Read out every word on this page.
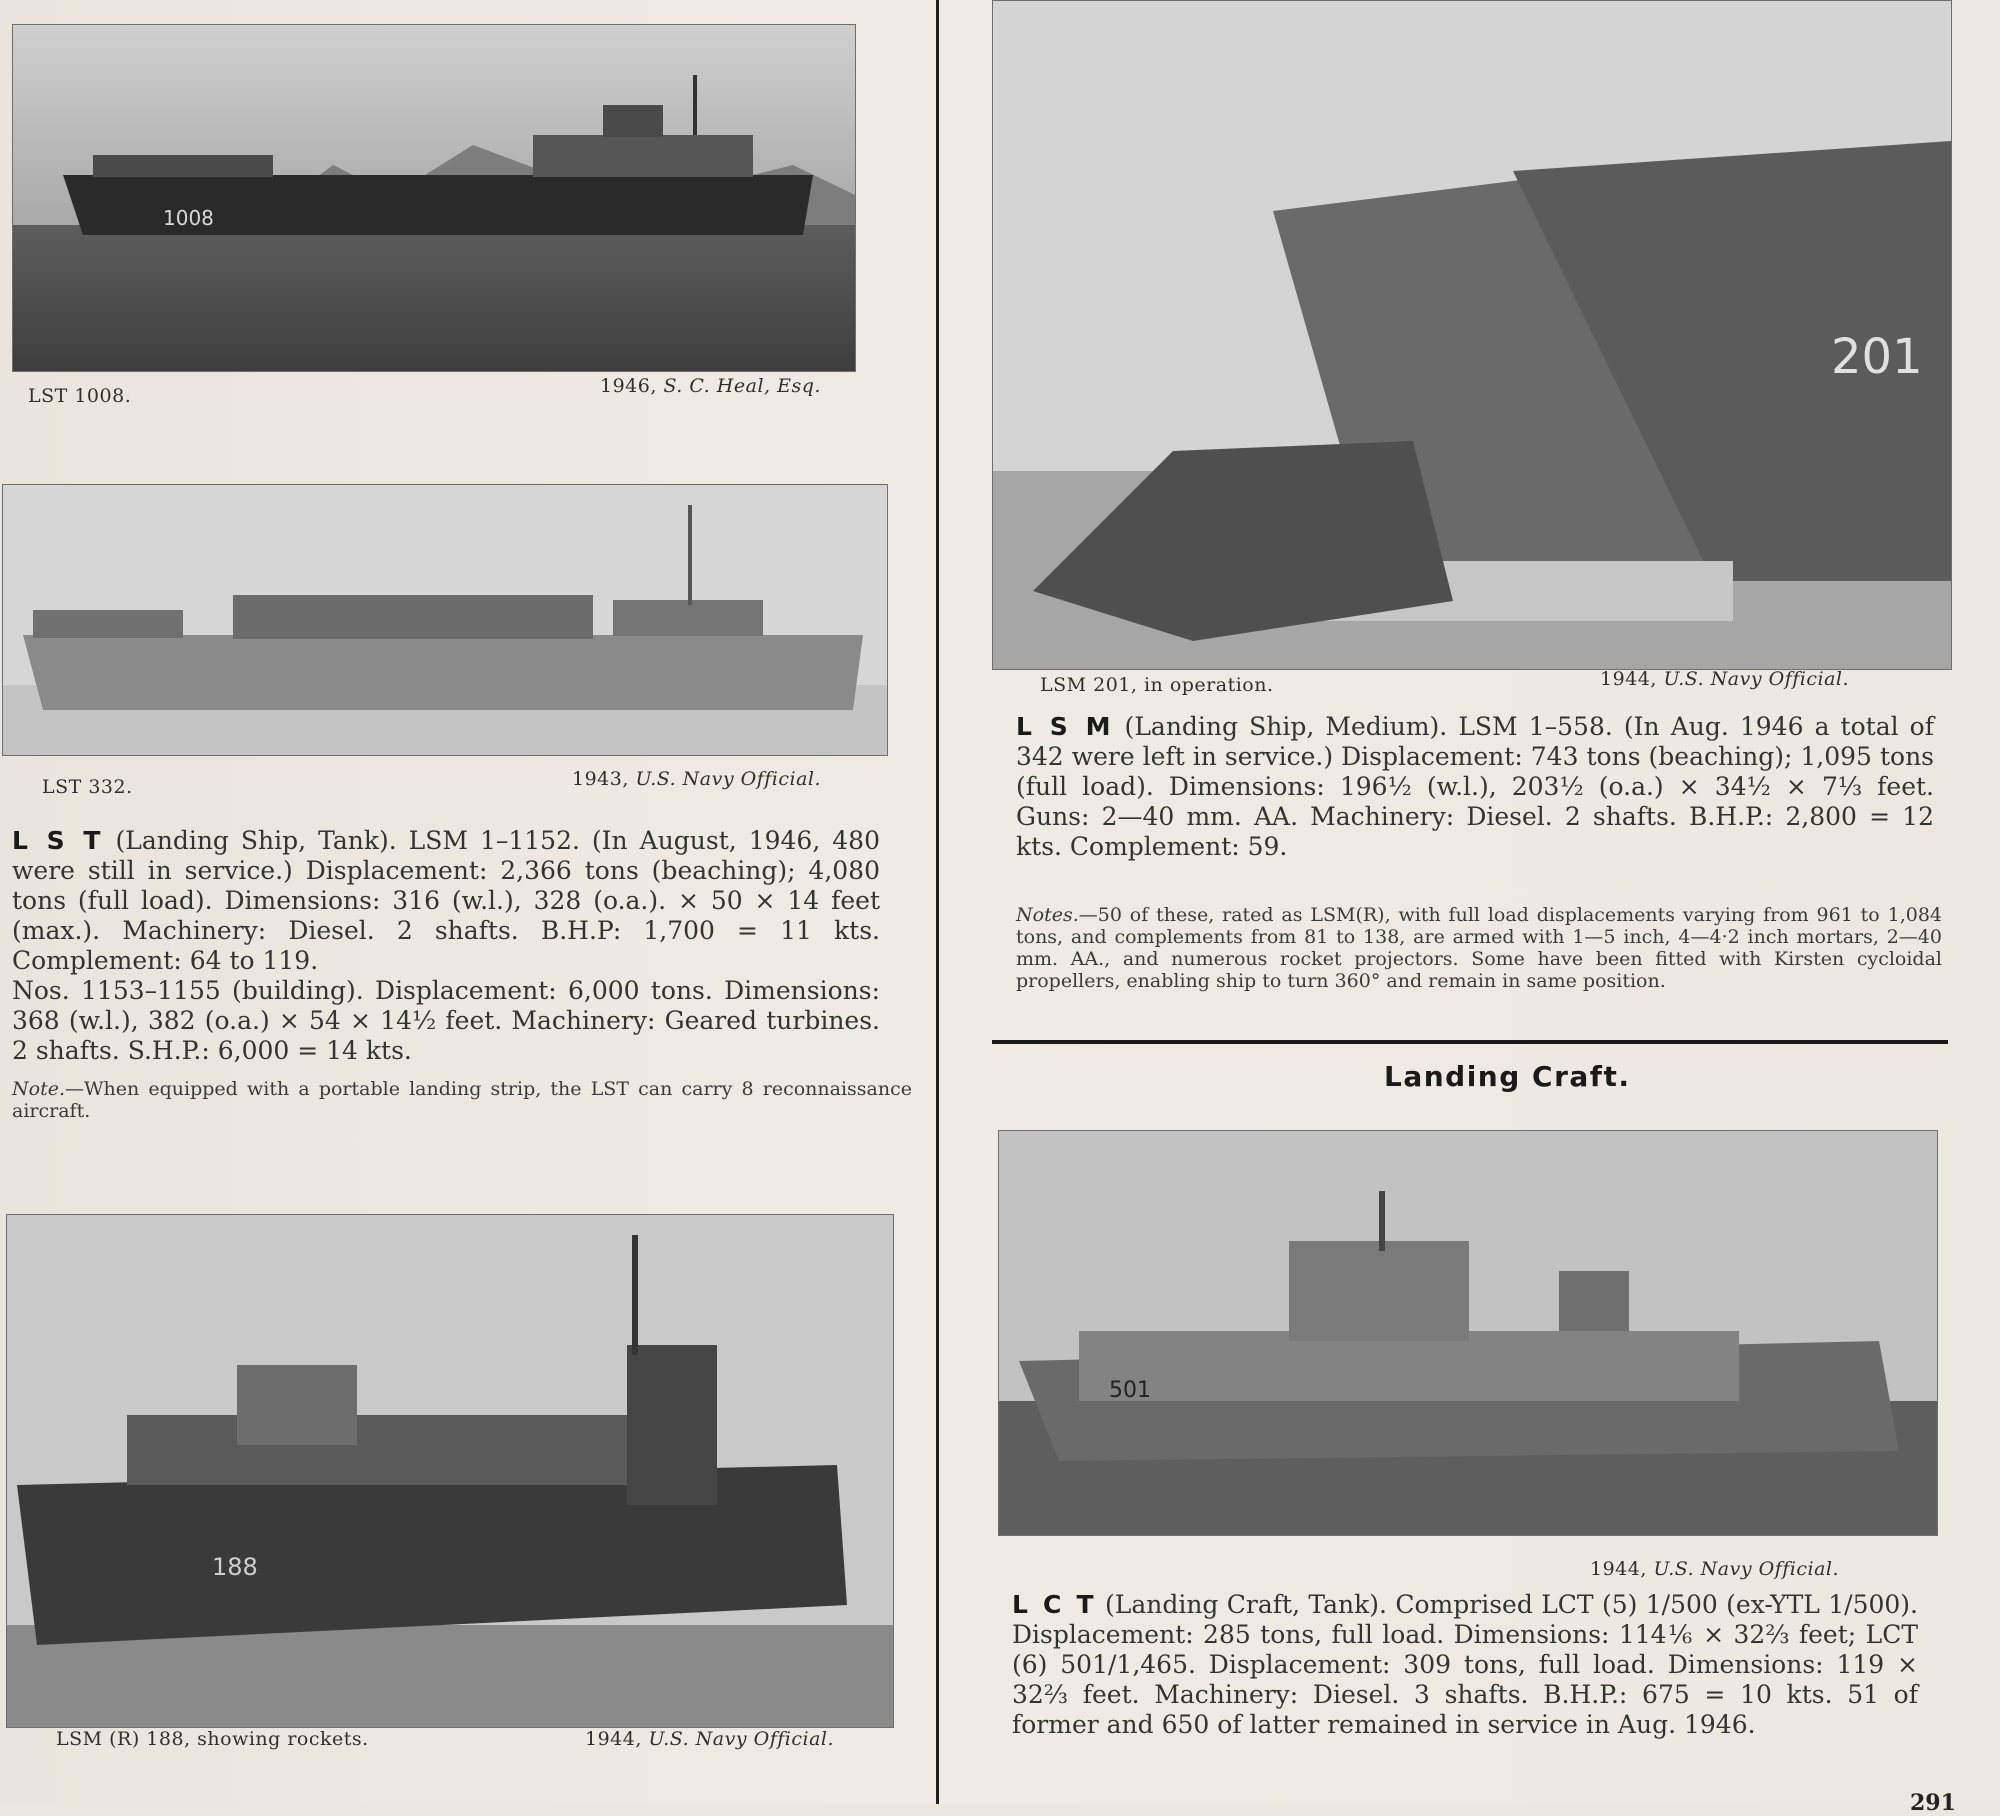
1008
LST 1008.	1946, S. C. Heal, Esq.
LST 332.	1943, U.S. Navy Official.
L S T (Landing Ship, Tank). LSM 1–1152. (In August, 1946, 480 were still in service.) Displacement: 2,366 tons (beaching); 4,080 tons (full load). Dimensions: 316 (w.l.), 328 (o.a.). × 50 × 14 feet (max.). Machinery: Diesel. 2 shafts. B.H.P: 1,700 = 11 kts. Complement: 64 to 119.
Nos. 1153–1155 (building). Displacement: 6,000 tons. Dimensions: 368 (w.l.), 382 (o.a.) × 54 × 14½ feet. Machinery: Geared turbines. 2 shafts. S.H.P.: 6,000 = 14 kts.
Note.—When equipped with a portable landing strip, the LST can carry 8 reconnaissance aircraft.
188
LSM (R) 188, showing rockets.	1944, U.S. Navy Official.
201
LSM 201, in operation.	1944, U.S. Navy Official.
L S M (Landing Ship, Medium). LSM 1–558. (In Aug. 1946 a total of 342 were left in service.) Displacement: 743 tons (beaching); 1,095 tons (full load). Dimensions: 196½ (w.l.), 203½ (o.a.) × 34½ × 7⅓ feet. Guns: 2—40 mm. AA. Machinery: Diesel. 2 shafts. B.H.P.: 2,800 = 12 kts. Complement: 59.
Notes.—50 of these, rated as LSM(R), with full load displacements varying from 961 to 1,084 tons, and complements from 81 to 138, are armed with 1—5 inch, 4—4·2 inch mortars, 2—40 mm. AA., and numerous rocket projectors. Some have been fitted with Kirsten cycloidal propellers, enabling ship to turn 360° and remain in same position.
Landing Craft.
501
1944, U.S. Navy Official.
L C T (Landing Craft, Tank). Comprised LCT (5) 1/500 (ex-YTL 1/500). Displacement: 285 tons, full load. Dimensions: 114⅙ × 32⅔ feet; LCT (6) 501/1,465. Displacement: 309 tons, full load. Dimensions: 119 × 32⅔ feet. Machinery: Diesel. 3 shafts. B.H.P.: 675 = 10 kts. 51 of former and 650 of latter remained in service in Aug. 1946.
291
